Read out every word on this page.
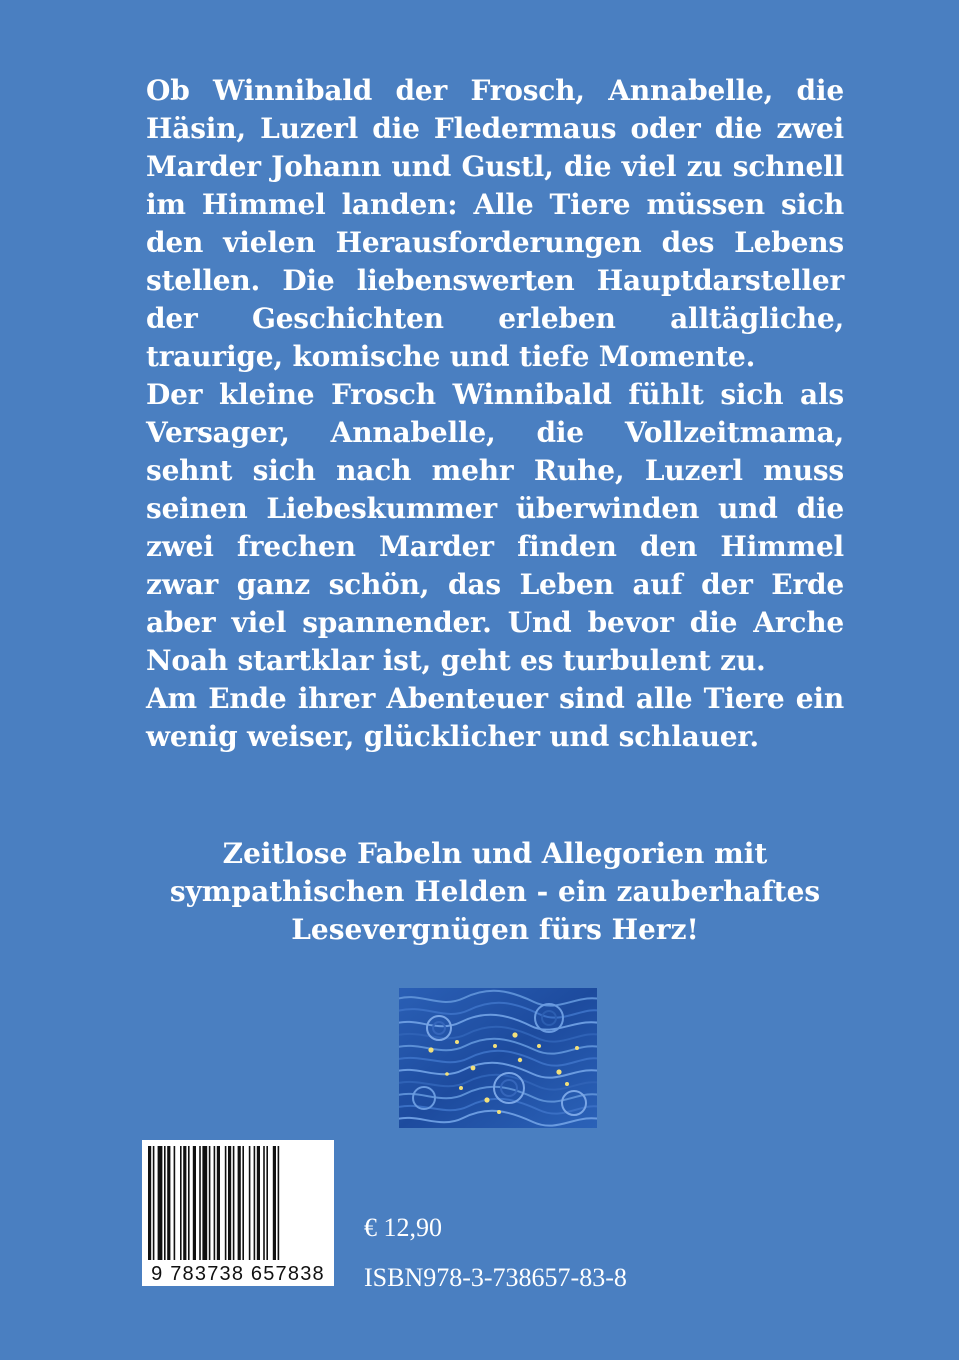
Ob Winnibald der Frosch, Annabelle, die Häsin, Luzerl die Fledermaus oder die zwei Marder Johann und Gustl, die viel zu schnell im Himmel landen: Alle Tiere müssen sich den vielen Herausforderungen des Lebens stellen. Die liebenswerten Hauptdarsteller der Geschichten erleben alltägliche, traurige, komische und tiefe Momente.

Der kleine Frosch Winnibald fühlt sich als Versager, Annabelle, die Vollzeitmama, sehnt sich nach mehr Ruhe, Luzerl muss seinen Liebeskummer überwinden und die zwei frechen Marder finden den Himmel zwar ganz schön, das Leben auf der Erde aber viel spannender. Und bevor die Arche Noah startklar ist, geht es turbulent zu.

Am Ende ihrer Abenteuer sind alle Tiere ein wenig weiser, glücklicher und schlauer.

Zeitlose Fabeln und Allegorien mit
sympathischen Helden - ein zauberhaftes
Lesevergnügen fürs Herz!
9 783738 657838
€ 12,90
ISBN978-3-738657-83-8
